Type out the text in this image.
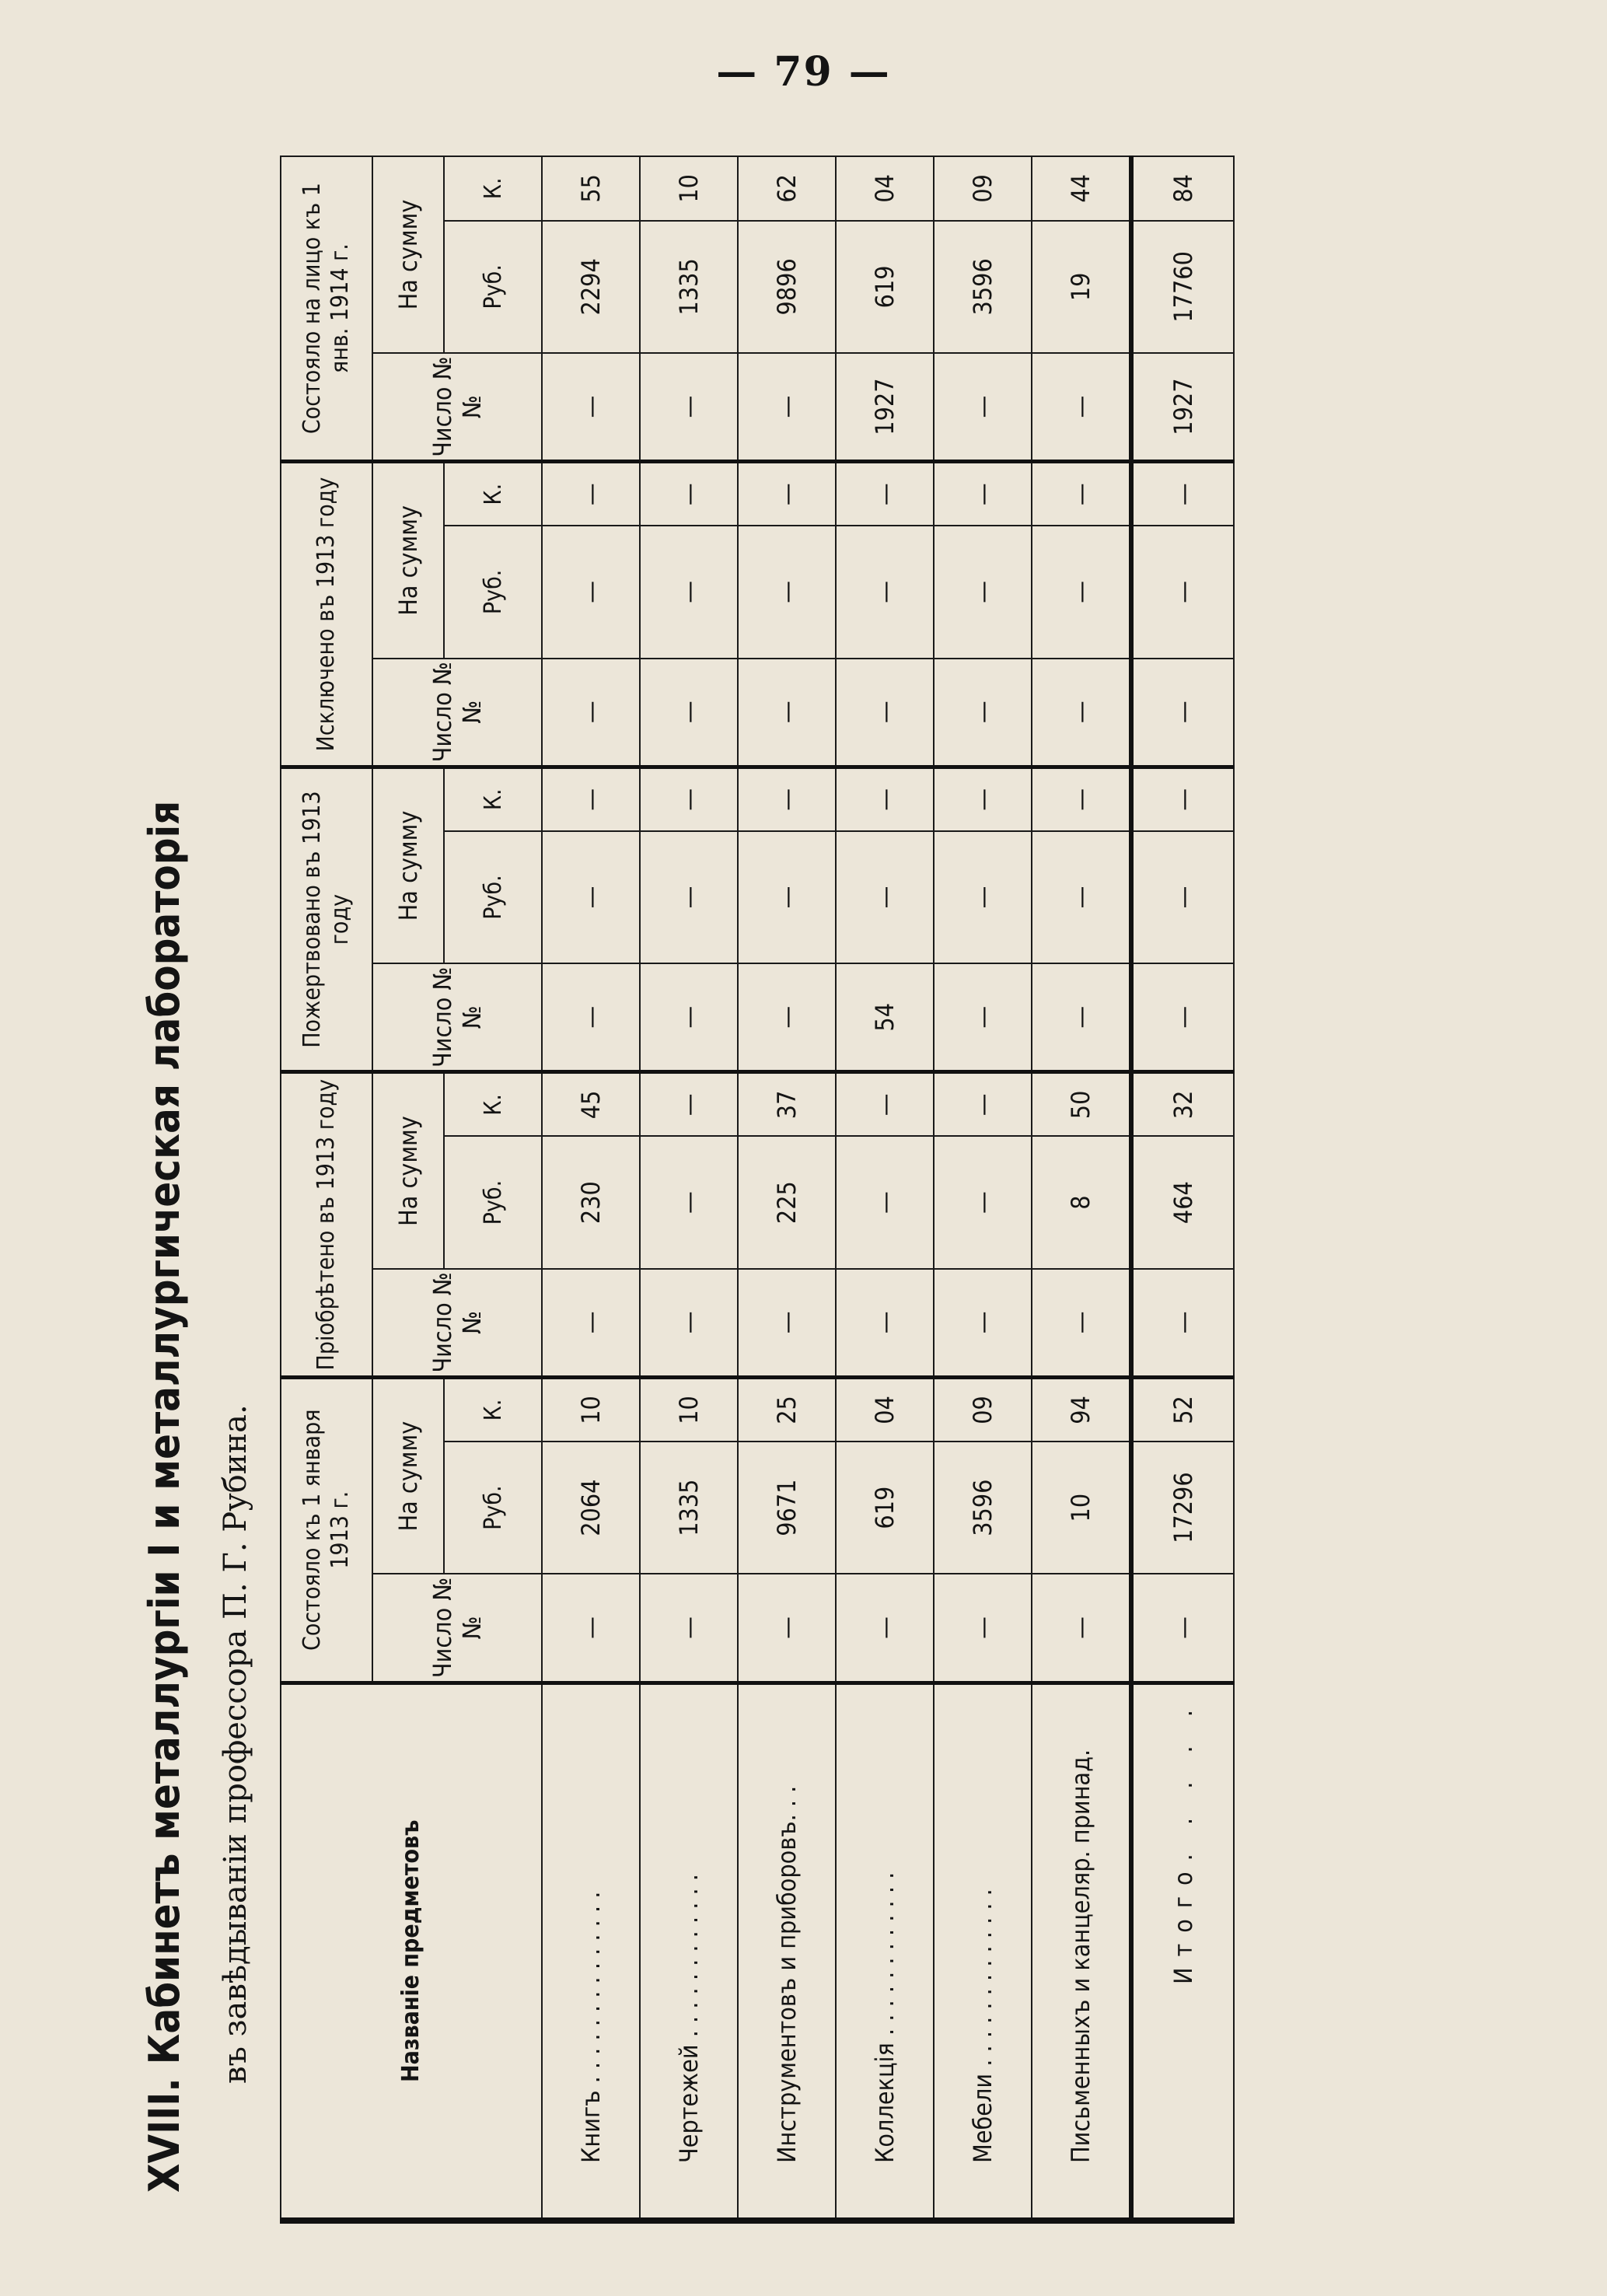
— 79 —
XVIII. Кабинетъ металлургіи I и металлургическая лабораторія въ завѣдываніи профессора П. Г. Рубина.	Названіе предметовъ	Состояло къ 1 января 1913 г.			Пріобрѣтено въ 1913 году			Пожертвовано въ 1913 году			Исключено въ 1913 году			Состояло на лицо къ 1 янв. 1914 г.		
	Число №№	На сумму		Число №№	На сумму		Число №№	На сумму		Число №№	На сумму		Число №№	На сумму	
		Руб.	К.		Руб.	К.		Руб.	К.		Руб.	К.		Руб.	К.
Книгъ . . . . . . . . . . . . . .	—	2064	10	—	230	45	—	—	—	—	—	—	—	2294	55
Чертежей . . . . . . . . . . . .	—	1335	10	—	—	—	—	—	—	—	—	—	—	1335	10
Инструментовъ и приборовъ. . .	—	9671	25	—	225	37	—	—	—	—	—	—	—	9896	62
Коллекція . . . . . . . . . . . .	—	619	04	—	—	—	54	—	—	—	—	—	1927	619	04
Мебели . . . . . . . . . . . . .	—	3596	09	—	—	—	—	—	—	—	—	—	—	3596	09
Письменныхъ и канцеляр. принад.	—	10	94	—	8	50	—	—	—	—	—	—	—	19	44
Итого. . . . .	—	17296	52	—	464	32	—	—	—	—	—	—	1927	17760	84
